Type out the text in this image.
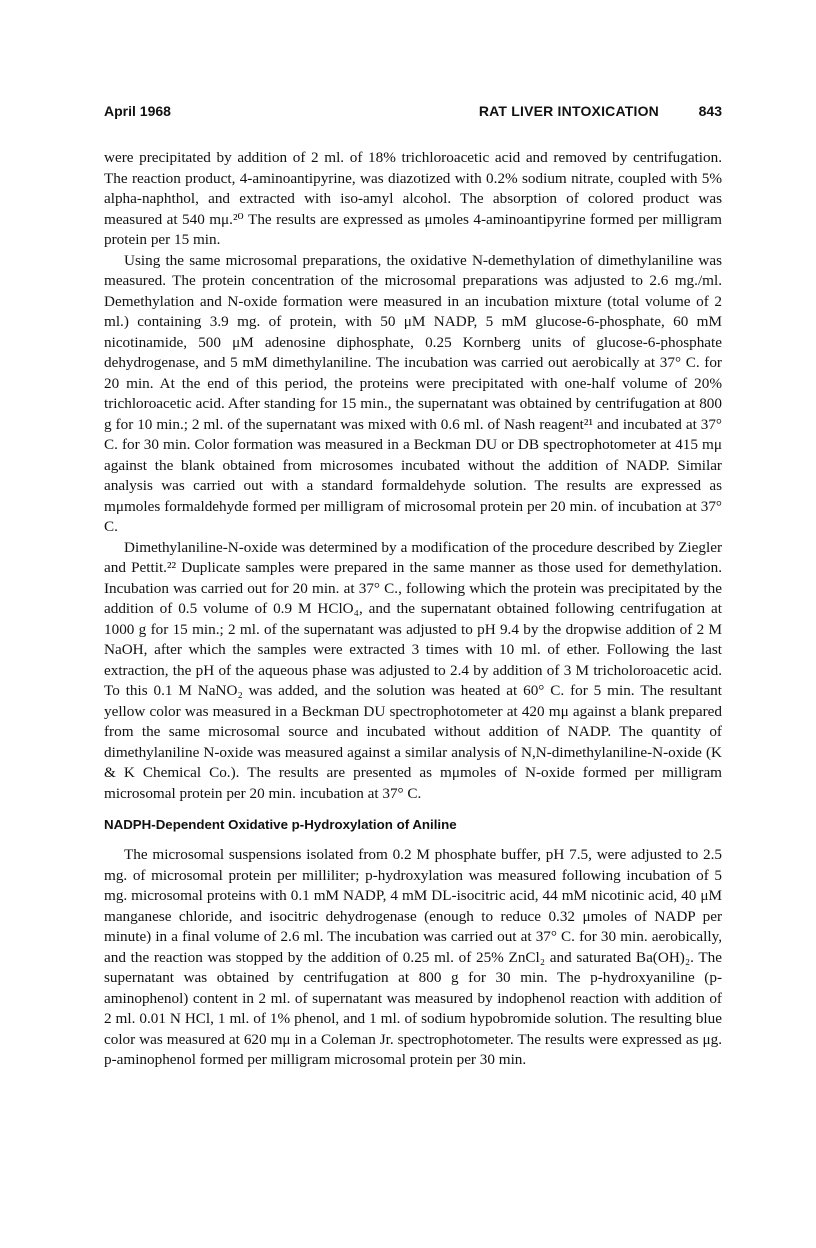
April 1968	RAT LIVER INTOXICATION	843

were precipitated by addition of 2 ml. of 18% trichloroacetic acid and removed by centrifugation. The reaction product, 4-aminoantipyrine, was diazotized with 0.2% sodium nitrate, coupled with 5% alpha-naphthol, and extracted with iso-amyl alcohol. The absorption of colored product was measured at 540 mμ.²⁰ The results are expressed as μmoles 4-aminoantipyrine formed per milligram protein per 15 min.

Using the same microsomal preparations, the oxidative N-demethylation of dimethylaniline was measured. The protein concentration of the microsomal preparations was adjusted to 2.6 mg./ml. Demethylation and N-oxide formation were measured in an incubation mixture (total volume of 2 ml.) containing 3.9 mg. of protein, with 50 μM NADP, 5 mM glucose-6-phosphate, 60 mM nicotinamide, 500 μM adenosine diphosphate, 0.25 Kornberg units of glucose-6-phosphate dehydrogenase, and 5 mM dimethylaniline. The incubation was carried out aerobically at 37° C. for 20 min. At the end of this period, the proteins were precipitated with one-half volume of 20% trichloroacetic acid. After standing for 15 min., the supernatant was obtained by centrifugation at 800 g for 10 min.; 2 ml. of the supernatant was mixed with 0.6 ml. of Nash reagent²¹ and incubated at 37° C. for 30 min. Color formation was measured in a Beckman DU or DB spectrophotometer at 415 mμ against the blank obtained from microsomes incubated without the addition of NADP. Similar analysis was carried out with a standard formaldehyde solution. The results are expressed as mμmoles formaldehyde formed per milligram of microsomal protein per 20 min. of incubation at 37° C.

Dimethylaniline-N-oxide was determined by a modification of the procedure described by Ziegler and Pettit.²² Duplicate samples were prepared in the same manner as those used for demethylation. Incubation was carried out for 20 min. at 37° C., following which the protein was precipitated by the addition of 0.5 volume of 0.9 M HClO₄, and the supernatant obtained following centrifugation at 1000 g for 15 min.; 2 ml. of the supernatant was adjusted to pH 9.4 by the dropwise addition of 2 M NaOH, after which the samples were extracted 3 times with 10 ml. of ether. Following the last extraction, the pH of the aqueous phase was adjusted to 2.4 by addition of 3 M tricholoroacetic acid. To this 0.1 M NaNO₂ was added, and the solution was heated at 60° C. for 5 min. The resultant yellow color was measured in a Beckman DU spectrophotometer at 420 mμ against a blank prepared from the same microsomal source and incubated without addition of NADP. The quantity of dimethylaniline N-oxide was measured against a similar analysis of N,N-dimethylaniline-N-oxide (K & K Chemical Co.). The results are presented as mμmoles of N-oxide formed per milligram microsomal protein per 20 min. incubation at 37° C.

NADPH-Dependent Oxidative p-Hydroxylation of Aniline

The microsomal suspensions isolated from 0.2 M phosphate buffer, pH 7.5, were adjusted to 2.5 mg. of microsomal protein per milliliter; p-hydroxylation was measured following incubation of 5 mg. microsomal proteins with 0.1 mM NADP, 4 mM DL-isocitric acid, 44 mM nicotinic acid, 40 μM manganese chloride, and isocitric dehydrogenase (enough to reduce 0.32 μmoles of NADP per minute) in a final volume of 2.6 ml. The incubation was carried out at 37° C. for 30 min. aerobically, and the reaction was stopped by the addition of 0.25 ml. of 25% ZnCl₂ and saturated Ba(OH)₂. The supernatant was obtained by centrifugation at 800 g for 30 min. The p-hydroxyaniline (p-aminophenol) content in 2 ml. of supernatant was measured by indophenol reaction with addition of 2 ml. 0.01 N HCl, 1 ml. of 1% phenol, and 1 ml. of sodium hypobromide solution. The resulting blue color was measured at 620 mμ in a Coleman Jr. spectrophotometer. The results were expressed as μg. p-aminophenol formed per milligram microsomal protein per 30 min.
